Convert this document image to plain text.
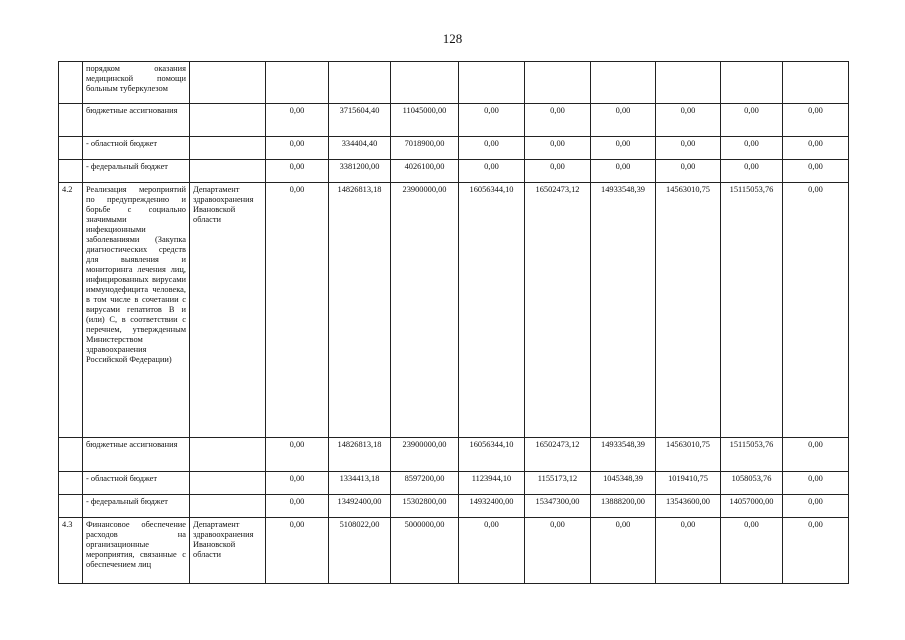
128
	порядком оказания медицинской помощи больным туберкулезом										
	бюджетные ассигнования		0,00	3715604,40	11045000,00	0,00	0,00	0,00	0,00	0,00	0,00
	- областной бюджет		0,00	334404,40	7018900,00	0,00	0,00	0,00	0,00	0,00	0,00
	- федеральный бюджет		0,00	3381200,00	4026100,00	0,00	0,00	0,00	0,00	0,00	0,00
4.2	Реализация мероприятий по предупреждению и борьбе с социально значимыми инфекционными заболеваниями (Закупка диагностических средств для выявления и мониторинга лечения лиц, инфицированных вирусами иммунодефицита человека, в том числе в сочетании с вирусами гепатитов В и (или) С, в соответствии с перечнем, утвержденным Министерством здравоохранения Российской Федерации)	Департамент здравоохранения Ивановской области	0,00	14826813,18	23900000,00	16056344,10	16502473,12	14933548,39	14563010,75	15115053,76	0,00
	бюджетные ассигнования		0,00	14826813,18	23900000,00	16056344,10	16502473,12	14933548,39	14563010,75	15115053,76	0,00
	- областной бюджет		0,00	1334413,18	8597200,00	1123944,10	1155173,12	1045348,39	1019410,75	1058053,76	0,00
	- федеральный бюджет		0,00	13492400,00	15302800,00	14932400,00	15347300,00	13888200,00	13543600,00	14057000,00	0,00
4.3	Финансовое обеспечение расходов на организационные мероприятия, связанные с обеспечением лиц	Департамент здравоохранения Ивановской области	0,00	5108022,00	5000000,00	0,00	0,00	0,00	0,00	0,00	0,00
